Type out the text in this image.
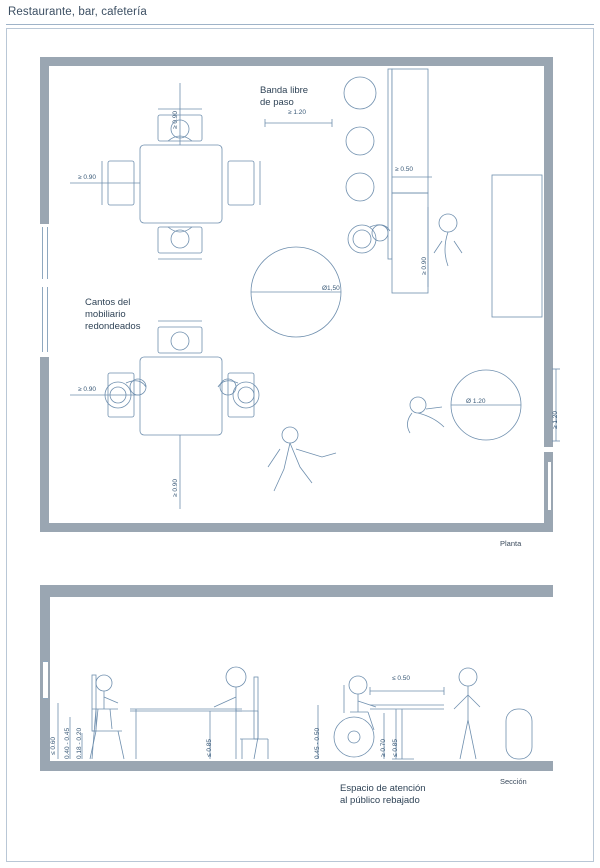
Restaurante, bar, cafetería
Banda libre
de paso
≥ 1.20
Cantos del
mobiliario
redondeados
≥ 0.90
≥ 0.90
≥ 0.90
≥ 0.90
≥ 0.50
≥ 0.90
Ø1,50
Ø 1.20
≥ 1.20
Planta
≤ 0.60 0.40 - 0.45 0.18 - 0.20	≤ 0.85	0.45 - 0.50
≤ 0.50
≥ 0.70 ≤ 0.85
Espacio de atención
al público rebajado
Sección
